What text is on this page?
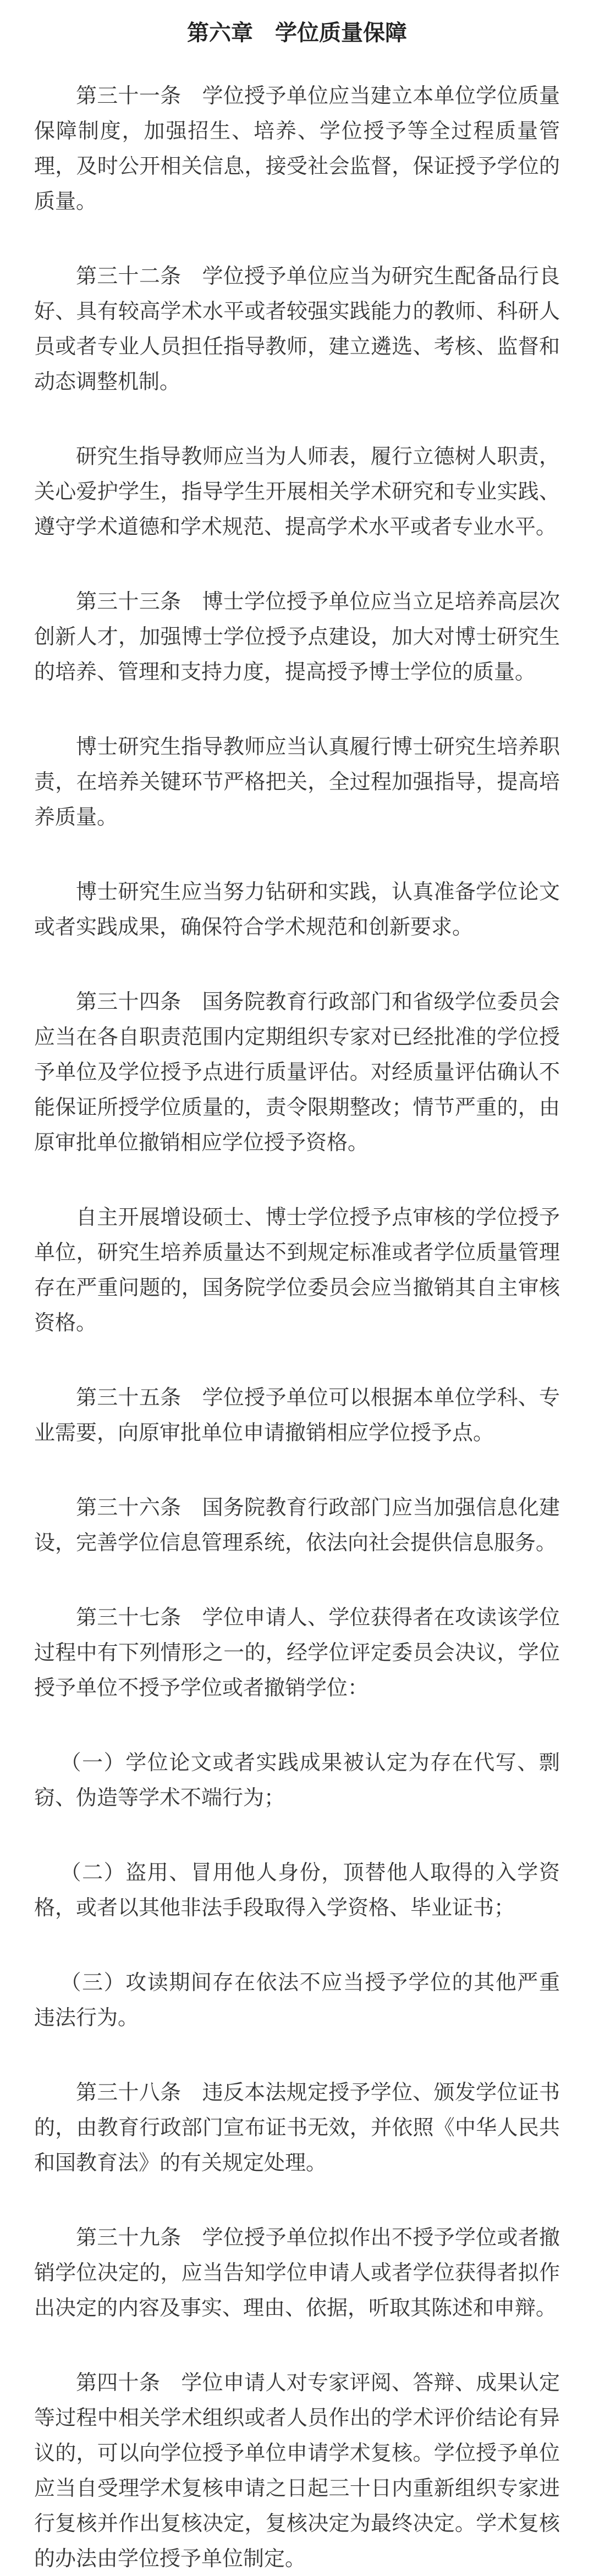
第六章　学位质量保障

第三十一条　学位授予单位应当建立本单位学位质量保障制度，加强招生、培养、学位授予等全过程质量管理，及时公开相关信息，接受社会监督，保证授予学位的质量。

第三十二条　学位授予单位应当为研究生配备品行良好、具有较高学术水平或者较强实践能力的教师、科研人员或者专业人员担任指导教师，建立遴选、考核、监督和动态调整机制。

研究生指导教师应当为人师表，履行立德树人职责，关心爱护学生，指导学生开展相关学术研究和专业实践、遵守学术道德和学术规范、提高学术水平或者专业水平。

第三十三条　博士学位授予单位应当立足培养高层次创新人才，加强博士学位授予点建设，加大对博士研究生的培养、管理和支持力度，提高授予博士学位的质量。

博士研究生指导教师应当认真履行博士研究生培养职责，在培养关键环节严格把关，全过程加强指导，提高培养质量。

博士研究生应当努力钻研和实践，认真准备学位论文或者实践成果，确保符合学术规范和创新要求。

第三十四条　国务院教育行政部门和省级学位委员会应当在各自职责范围内定期组织专家对已经批准的学位授予单位及学位授予点进行质量评估。对经质量评估确认不能保证所授学位质量的，责令限期整改；情节严重的，由原审批单位撤销相应学位授予资格。

自主开展增设硕士、博士学位授予点审核的学位授予单位，研究生培养质量达不到规定标准或者学位质量管理存在严重问题的，国务院学位委员会应当撤销其自主审核资格。

第三十五条　学位授予单位可以根据本单位学科、专业需要，向原审批单位申请撤销相应学位授予点。

第三十六条　国务院教育行政部门应当加强信息化建设，完善学位信息管理系统，依法向社会提供信息服务。

第三十七条　学位申请人、学位获得者在攻读该学位过程中有下列情形之一的，经学位评定委员会决议，学位授予单位不授予学位或者撤销学位：

（一）学位论文或者实践成果被认定为存在代写、剽窃、伪造等学术不端行为；

（二）盗用、冒用他人身份，顶替他人取得的入学资格，或者以其他非法手段取得入学资格、毕业证书；

（三）攻读期间存在依法不应当授予学位的其他严重违法行为。

第三十八条　违反本法规定授予学位、颁发学位证书的，由教育行政部门宣布证书无效，并依照《中华人民共和国教育法》的有关规定处理。

第三十九条　学位授予单位拟作出不授予学位或者撤销学位决定的，应当告知学位申请人或者学位获得者拟作出决定的内容及事实、理由、依据，听取其陈述和申辩。

第四十条　学位申请人对专家评阅、答辩、成果认定等过程中相关学术组织或者人员作出的学术评价结论有异议的，可以向学位授予单位申请学术复核。学位授予单位应当自受理学术复核申请之日起三十日内重新组织专家进行复核并作出复核决定，复核决定为最终决定。学术复核的办法由学位授予单位制定。
